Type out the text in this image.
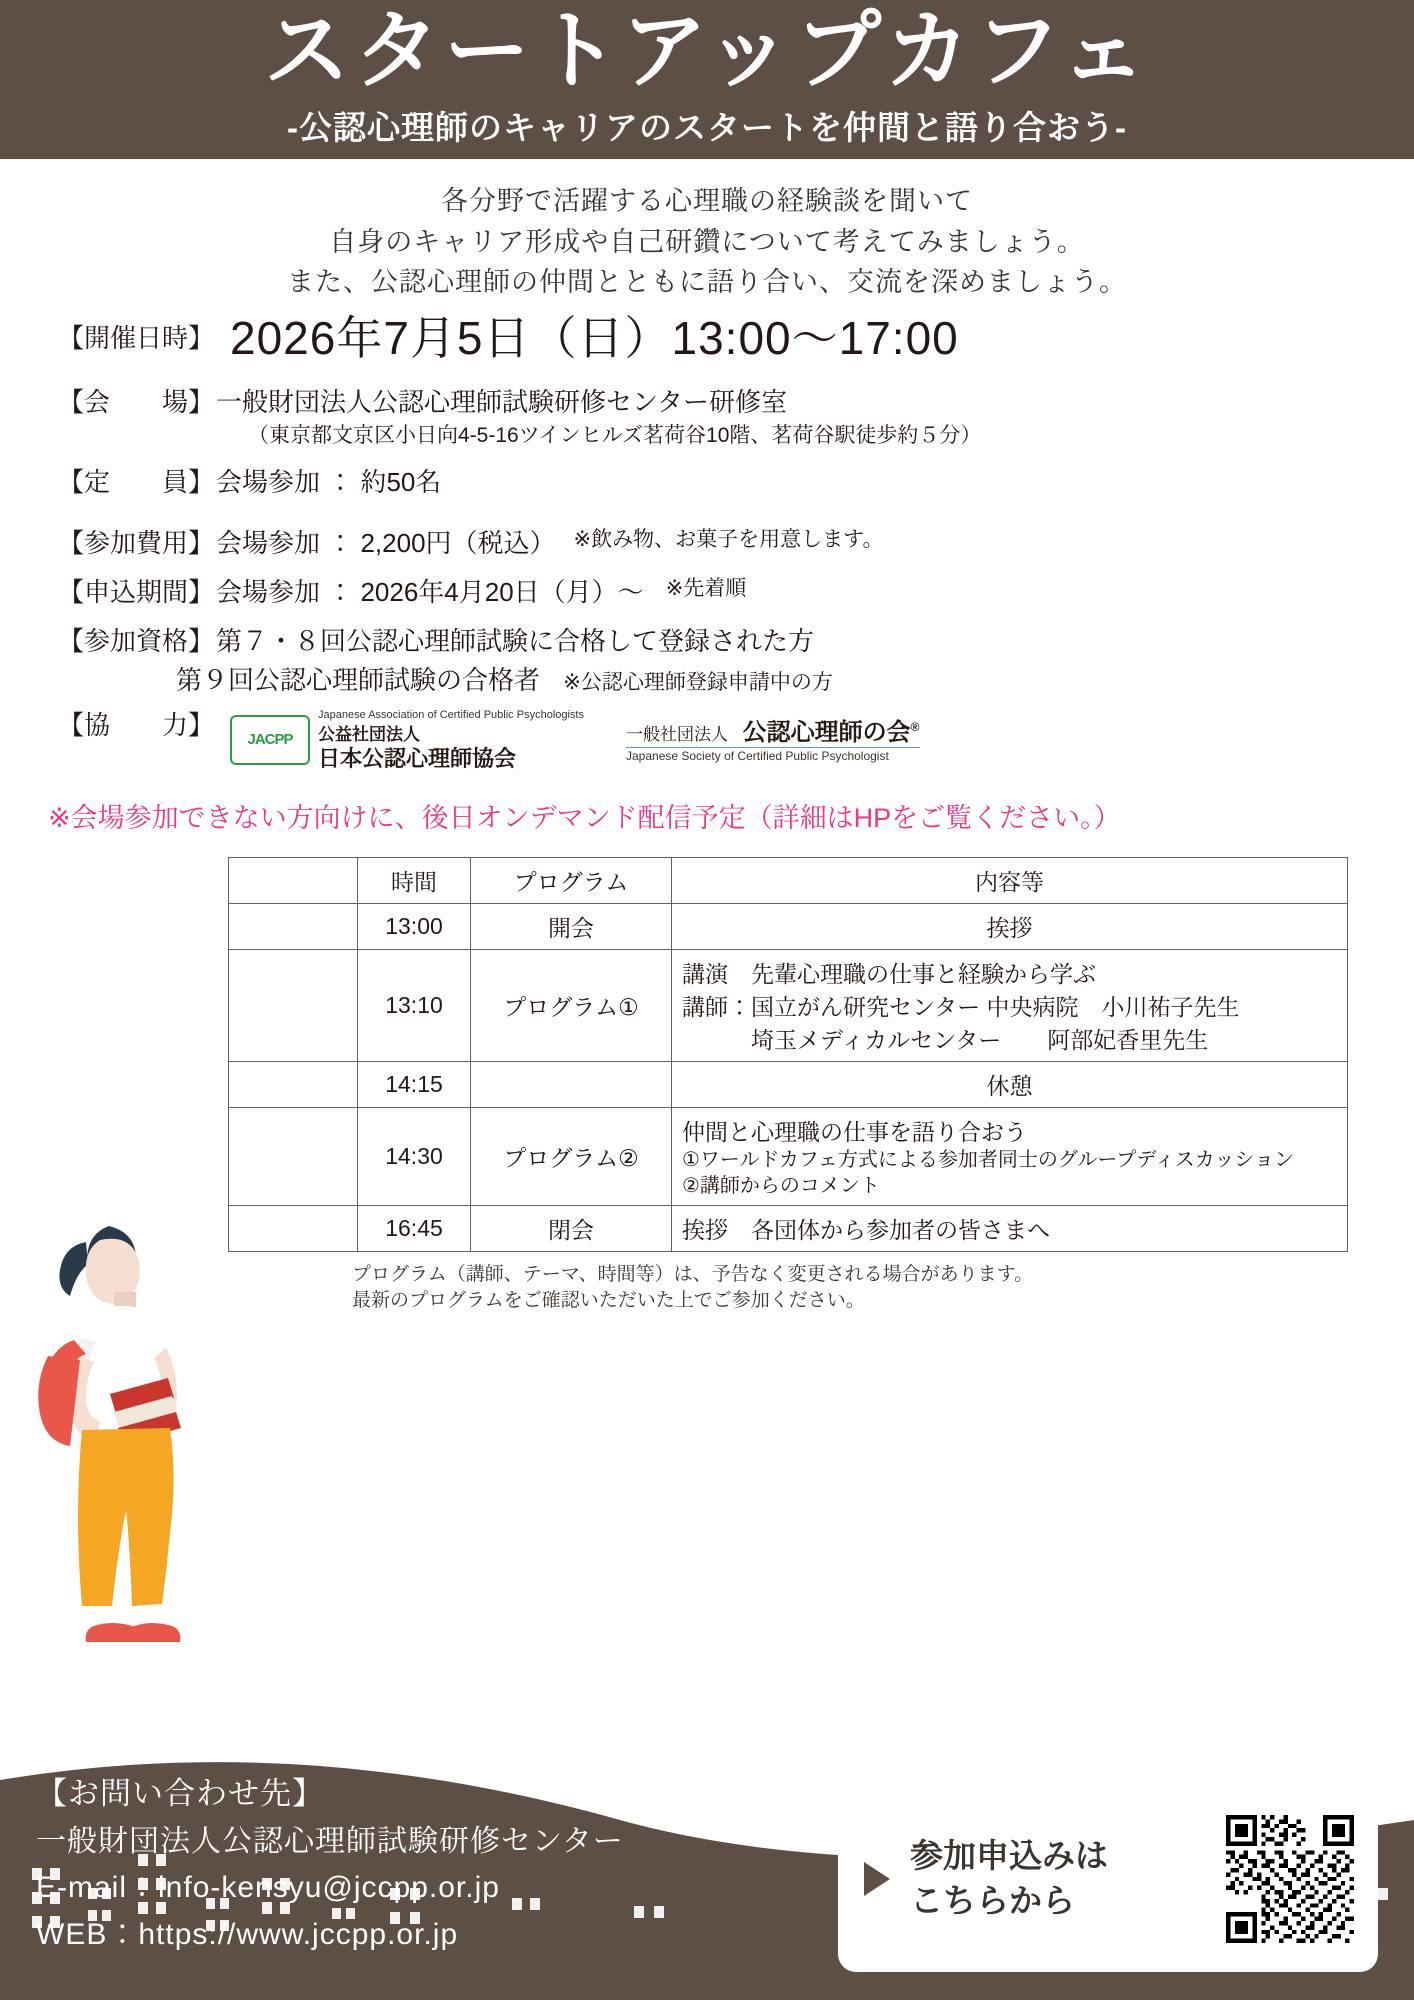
スタートアップカフェ
-公認心理師のキャリアのスタートを仲間と語り合おう-
各分野で活躍する心理職の経験談を聞いて
自身のキャリア形成や自己研鑽について考えてみましょう。
また、公認心理師の仲間とともに語り合い、交流を深めましょう。
【開催日時】 2026年7月5日（日）13:00〜17:00
【会　　場】 一般財団法人公認心理師試験研修センター研修室
（東京都文京区小日向4-5-16ツインヒルズ茗荷谷10階、茗荷谷駅徒歩約５分）
【定　　員】 会場参加 ： 約50名
【参加費用】 会場参加 ： 2,200円（税込） ※飲み物、お菓子を用意します。
【申込期間】 会場参加 ： 2026年4月20日（月）〜 ※先着順
【参加資格】 第７・８回公認心理師試験に合格して登録された方
第９回公認心理師試験の合格者 ※公認心理師登録申請中の方
【協　　力】	JACPP
Japanese Association of Certified Public Psychologists
公益社団法人
日本公認心理師協会
一般社団法人 公認心理師の会®
Japanese Society of Certified Public Psychologist
※会場参加できない方向けに、後日オンデマンド配信予定（詳細はHPをご覧ください。）
	時間	プログラム	内容等
	13:00	開会	挨拶
	13:10	プログラム①	講演　先輩心理職の仕事と経験から学ぶ
講師：国立がん研究センター 中央病院　小川祐子先生
　　　埼玉メディカルセンター　　阿部妃香里先生

	14:15		休憩
	14:30	プログラム②	仲間と心理職の仕事を語り合おう
①ワールドカフェ方式による参加者同士のグループディスカッション
②講師からのコメント

	16:45	閉会	挨拶　各団体から参加者の皆さまへ
プログラム（講師、テーマ、時間等）は、予告なく変更される場合があります。
最新のプログラムをご確認いただいた上でご参加ください。
【お問い合わせ先】
一般財団法人公認心理師試験研修センター
E-mail：info-kensyu@jccpp.or.jp
WEB：https://www.jccpp.or.jp
参加申込みは
こちらから
